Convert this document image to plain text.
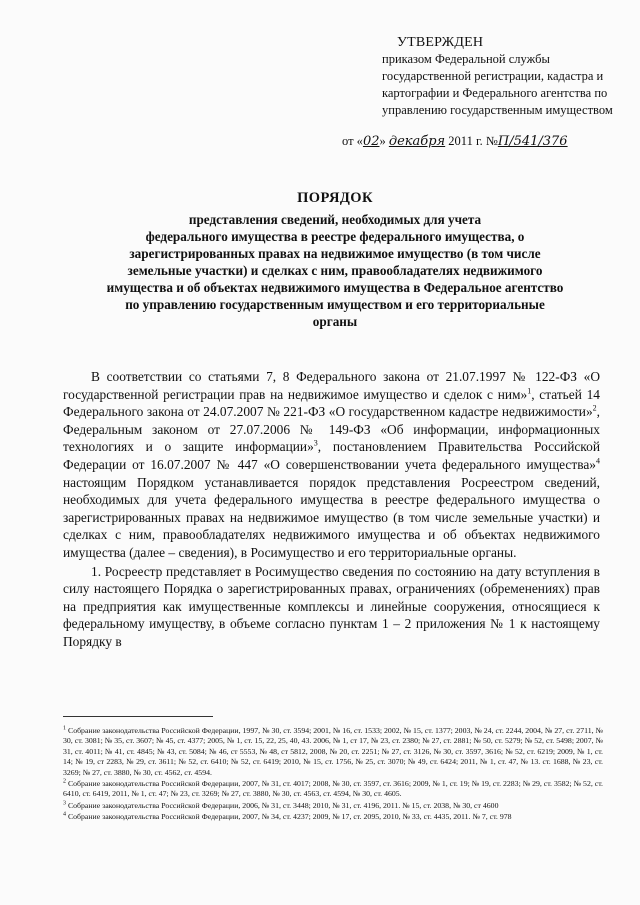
УТВЕРЖДЕН
приказом Федеральной службы
государственной регистрации, кадастра и
картографии и Федерального агентства по
управлению государственным имуществом
от «02» декабря 2011 г. №П/541/376
ПОРЯДОК
представления сведений, необходимых для учета
федерального имущества в реестре федерального имущества, о
зарегистрированных правах на недвижимое имущество (в том числе
земельные участки) и сделках с ним, правообладателях недвижимого
имущества и об объектах недвижимого имущества в Федеральное агентство
по управлению государственным имуществом и его территориальные
органы

В соответствии со статьями 7, 8 Федерального закона от 21.07.1997 № 122-ФЗ «О государственной регистрации прав на недвижимое имущество и сделок с ним»$^1$, статьей 14 Федерального закона от 24.07.2007 № 221-ФЗ «О государственном кадастре недвижимости»$^2$, Федеральным законом от 27.07.2006 № 149-ФЗ «Об информации, информационных технологиях и о защите информации»$^3$, постановлением Правительства Российской Федерации от 16.07.2007 № 447 «О совершенствовании учета федерального имущества»$^4$ настоящим Порядком устанавливается порядок представления Росреестром сведений, необходимых для учета федерального имущества в реестре федерального имущества о зарегистрированных правах на недвижимое имущество (в том числе земельные участки) и сделках с ним, правообладателях недвижимого имущества и об объектах недвижимого имущества (далее – сведения), в Росимущество и его территориальные органы.

1. Росреестр представляет в Росимущество сведения по состоянию на дату вступления в силу настоящего Порядка о зарегистрированных правах, ограничениях (обременениях) прав на предприятия как имущественные комплексы и линейные сооружения, относящиеся к федеральному имуществу, в объеме согласно пунктам 1 – 2 приложения № 1 к настоящему Порядку в

$^1$ Собрание законодательства Российской Федерации, 1997, № 30, ст. 3594; 2001, № 16, ст. 1533; 2002, № 15, ст. 1377; 2003, № 24, ст. 2244, 2004, № 27, ст. 2711, № 30, ст. 3081; № 35, ст. 3607; № 45, ст. 4377; 2005, № 1, ст. 15, 22, 25, 40, 43. 2006, № 1, ст 17, № 23, ст. 2380; № 27, ст. 2881; № 50, ст. 5279; № 52, ст. 5498; 2007, № 31, ст. 4011; № 41, ст. 4845; № 43, ст. 5084; № 46, ст 5553, № 48, ст 5812, 2008, № 20, ст. 2251; № 27, ст. 3126, № 30, ст. 3597, 3616; № 52, ст. 6219; 2009, № 1, ст. 14; № 19, ст 2283, № 29, ст. 3611; № 52, ст. 6410; № 52, ст. 6419; 2010, № 15, ст. 1756, № 25, ст. 3070; № 49, ст. 6424; 2011, № 1, ст. 47, № 13. ст. 1688, № 23, ст. 3269; № 27, ст. 3880, № 30, ст. 4562, ст. 4594.

$^2$ Собрание законодательства Российской Федерации, 2007, № 31, ст. 4017; 2008, № 30, ст. 3597, ст. 3616; 2009, № 1, ст. 19; № 19, ст. 2283; № 29, ст. 3582; № 52, ст. 6410, ст. 6419, 2011, № 1, ст. 47; № 23, ст. 3269; № 27, ст. 3880, № 30, ст. 4563, ст. 4594, № 30, ст. 4605.

$^3$ Собрание законодательства Российской Федерации, 2006, № 31, ст. 3448; 2010, № 31, ст. 4196, 2011. № 15, ст. 2038, № 30, ст 4600

$^4$ Собрание законодательства Российской Федерации, 2007, № 34, ст. 4237; 2009, № 17, ст. 2095, 2010, № 33, ст. 4435, 2011. № 7, ст. 978
